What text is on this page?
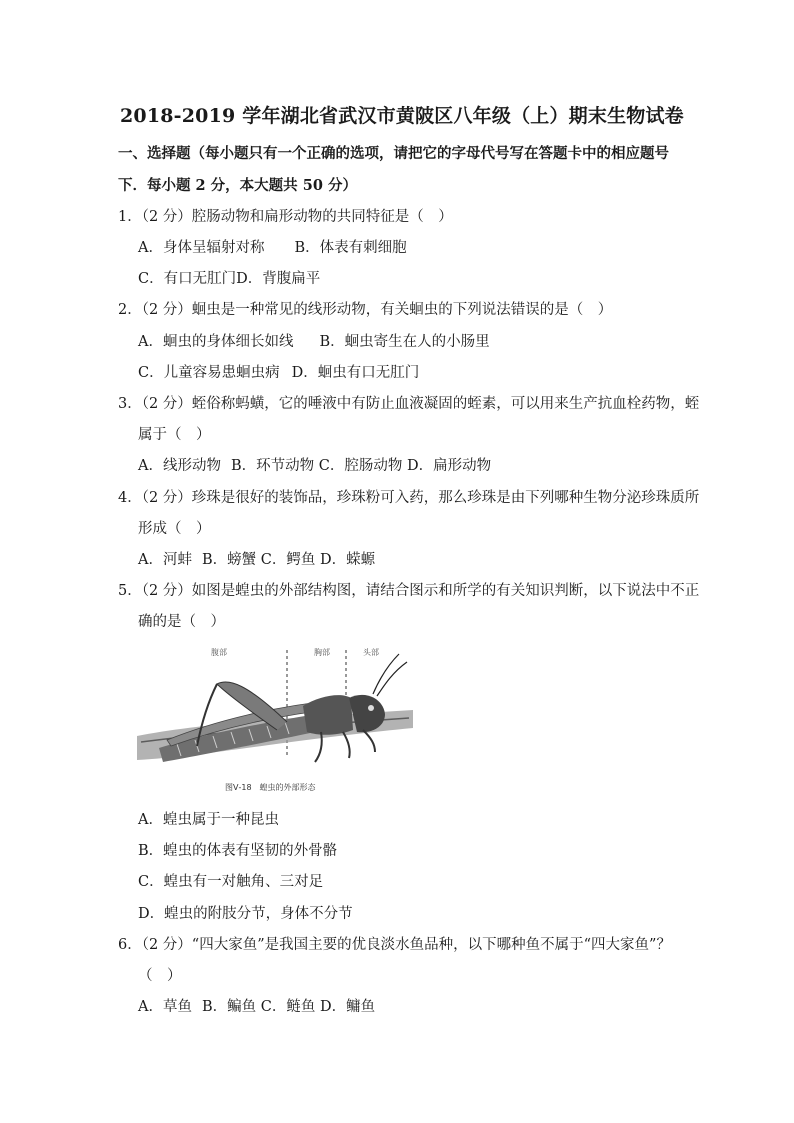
2018-2019 学年湖北省武汉市黄陂区八年级（上）期末生物试卷
一、选择题（每小题只有一个正确的选项，请把它的字母代号写在答题卡中的相应题号
下．每小题 2 分，本大题共 50 分）
1．（2 分）腔肠动物和扁形动物的共同特征是（　）
A．身体呈辐射对称 B．体表有刺细胞
C．有口无肛门D．背腹扁平
2．（2 分）蛔虫是一种常见的线形动物，有关蛔虫的下列说法错误的是（　）
A．蛔虫的身体细长如线 B．蛔虫寄生在人的小肠里
C．儿童容易患蛔虫病 D．蛔虫有口无肛门
3．（2 分）蛭俗称蚂蟥，它的唾液中有防止血液凝固的蛭素，可以用来生产抗血栓药物，蛭
属于（　）
A．线形动物 B．环节动物 C．腔肠动物 D．扁形动物
4．（2 分）珍珠是很好的装饰品，珍珠粉可入药，那么珍珠是由下列哪种生物分泌珍珠质所
形成（　）
A．河蚌 B．螃蟹 C．鳄鱼 D．蝾螈
5．（2 分）如图是蝗虫的外部结构图，请结合图示和所学的有关知识判断，以下说法中不正
确的是（　）
腹部	胸部	头部
图Ⅴ-18　蝗虫的外部形态
A．蝗虫属于一种昆虫
B．蝗虫的体表有坚韧的外骨骼
C．蝗虫有一对触角、三对足
D．蝗虫的附肢分节，身体不分节
6．（2 分）“四大家鱼”是我国主要的优良淡水鱼品种，以下哪种鱼不属于“四大家鱼”？
（　）
A．草鱼 B．鳊鱼 C．鲢鱼 D．鳙鱼
